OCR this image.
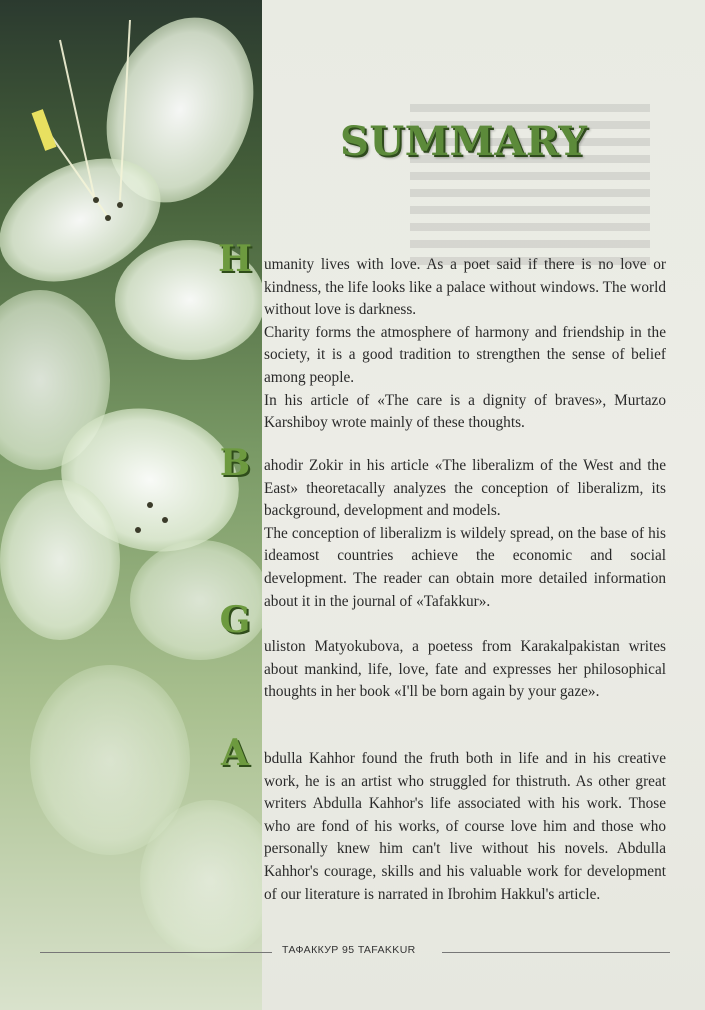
SUMMARY
H umanity lives with love. As a poet said if there is no love or kindness, the life looks like a palace without windows. The world without love is darkness.

Charity forms the atmosphere of harmony and friendship in the society, it is a good tradition to strengthen the sense of belief among people.

In his article of «The care is a dignity of braves», Murtazo Karshiboy wrote mainly of these thoughts.

B ahodir Zokir in his article «The liberalizm of the West and the East» theoretacally analyzes the conception of liberalizm, its background, development and models.

The conception of liberalizm is wildely spread, on the base of his ideamost countries achieve the economic and social development. The reader can obtain more detailed information about it in the journal of «Tafakkur».

G

uliston Matyokubova, a poetess from Karakalpakistan writes about mankind, life, love, fate and expresses her philosophical thoughts in her book «I'll be born again by your gaze».

A bdulla Kahhor found the fruth both in life and in his creative work, he is an artist who struggled for thistruth. As other great writers Abdulla Kahhor's life associated with his work. Those who are fond of his works, of course love him and those who personally knew him can't live without his novels. Abdulla Kahhor's courage, skills and his valuable work for development of our literature is narrated in Ibrohim Hakkul's article.

ТАФАККУР 95 TAFAKKUR
